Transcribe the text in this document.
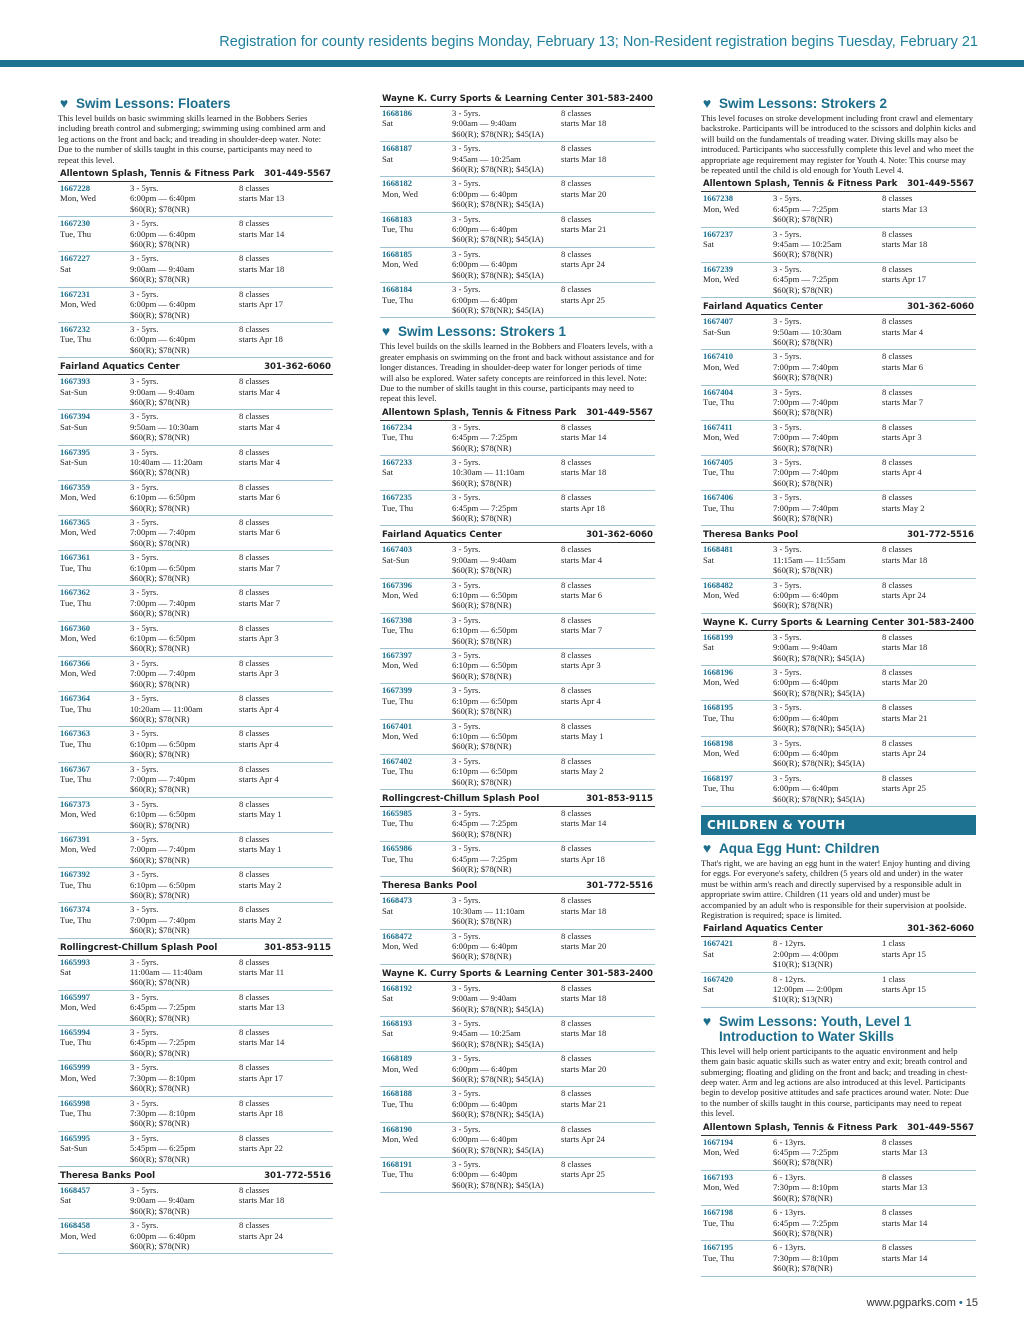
Registration for county residents begins Monday, February 13; Non-Resident registration begins Tuesday, February 21
♥ Swim Lessons: Floaters
This level builds on basic swimming skills learned in the Bobbers Series including breath control and submerging; swimming using combined arm and leg actions on the front and back; and treading in shoulder-deep water. Note: Due to the number of skills taught in this course, participants may need to repeat this level.
Allentown Splash, Tennis & Fitness Park 301-449-5567
1667228	3 - 5yrs.	8 classes
Mon, Wed	6:00pm — 6:40pm	starts Mar 13
$60(R); $78(NR)
1667230	3 - 5yrs.	8 classes
Tue, Thu	6:00pm — 6:40pm	starts Mar 14
$60(R); $78(NR)
1667227	3 - 5yrs.	8 classes
Sat	9:00am — 9:40am	starts Mar 18
$60(R); $78(NR)
1667231	3 - 5yrs.	8 classes
Mon, Wed	6:00pm — 6:40pm	starts Apr 17
$60(R); $78(NR)
1667232	3 - 5yrs.	8 classes
Tue, Thu	6:00pm — 6:40pm	starts Apr 18
$60(R); $78(NR)
Fairland Aquatics Center	301-362-6060
1667393	3 - 5yrs.	8 classes
Sat-Sun	9:00am — 9:40am	starts Mar 4
$60(R); $78(NR)
1667394	3 - 5yrs.	8 classes
Sat-Sun	9:50am — 10:30am	starts Mar 4
$60(R); $78(NR)
1667395	3 - 5yrs.	8 classes
Sat-Sun	10:40am — 11:20am	starts Mar 4
$60(R); $78(NR)
1667359	3 - 5yrs.	8 classes
Mon, Wed	6:10pm — 6:50pm	starts Mar 6
$60(R); $78(NR)
1667365	3 - 5yrs.	8 classes
Mon, Wed	7:00pm — 7:40pm	starts Mar 6
$60(R); $78(NR)
1667361	3 - 5yrs.	8 classes
Tue, Thu	6:10pm — 6:50pm	starts Mar 7
$60(R); $78(NR)
1667362	3 - 5yrs.	8 classes
Tue, Thu	7:00pm — 7:40pm	starts Mar 7
$60(R); $78(NR)
1667360	3 - 5yrs.	8 classes
Mon, Wed	6:10pm — 6:50pm	starts Apr 3
$60(R); $78(NR)
1667366	3 - 5yrs.	8 classes
Mon, Wed	7:00pm — 7:40pm	starts Apr 3
$60(R); $78(NR)
1667364	3 - 5yrs.	8 classes
Tue, Thu	10:20am — 11:00am	starts Apr 4
$60(R); $78(NR)
1667363	3 - 5yrs.	8 classes
Tue, Thu	6:10pm — 6:50pm	starts Apr 4
$60(R); $78(NR)
1667367	3 - 5yrs.	8 classes
Tue, Thu	7:00pm — 7:40pm	starts Apr 4
$60(R); $78(NR)
1667373	3 - 5yrs.	8 classes
Mon, Wed	6:10pm — 6:50pm	starts May 1
$60(R); $78(NR)
1667391	3 - 5yrs.	8 classes
Mon, Wed	7:00pm — 7:40pm	starts May 1
$60(R); $78(NR)
1667392	3 - 5yrs.	8 classes
Tue, Thu	6:10pm — 6:50pm	starts May 2
$60(R); $78(NR)
1667374	3 - 5yrs.	8 classes
Tue, Thu	7:00pm — 7:40pm	starts May 2
$60(R); $78(NR)
Rollingcrest-Chillum Splash Pool	301-853-9115
1665993	3 - 5yrs.	8 classes
Sat	11:00am — 11:40am	starts Mar 11
$60(R); $78(NR)
1665997	3 - 5yrs.	8 classes
Mon, Wed	6:45pm — 7:25pm	starts Mar 13
$60(R); $78(NR)
1665994	3 - 5yrs.	8 classes
Tue, Thu	6:45pm — 7:25pm	starts Mar 14
$60(R); $78(NR)
1665999	3 - 5yrs.	8 classes
Mon, Wed	7:30pm — 8:10pm	starts Apr 17
$60(R); $78(NR)
1665998	3 - 5yrs.	8 classes
Tue, Thu	7:30pm — 8:10pm	starts Apr 18
$60(R); $78(NR)
1665995	3 - 5yrs.	8 classes
Sat-Sun	5:45pm — 6:25pm	starts Apr 22
$60(R); $78(NR)
Theresa Banks Pool	301-772-5516
1668457	3 - 5yrs.	8 classes
Sat	9:00am — 9:40am	starts Mar 18
$60(R); $78(NR)
1668458	3 - 5yrs.	8 classes
Mon, Wed	6:00pm — 6:40pm	starts Apr 24
$60(R); $78(NR)
Wayne K. Curry Sports & Learning Center 301-583-2400
1668186	3 - 5yrs.	8 classes
Sat	9:00am — 9:40am	starts Mar 18
$60(R); $78(NR); $45(IA)
1668187	3 - 5yrs.	8 classes
Sat	9:45am — 10:25am	starts Mar 18
$60(R); $78(NR); $45(IA)
1668182	3 - 5yrs.	8 classes
Mon, Wed	6:00pm — 6:40pm	starts Mar 20
$60(R); $78(NR); $45(IA)
1668183	3 - 5yrs.	8 classes
Tue, Thu	6:00pm — 6:40pm	starts Mar 21
$60(R); $78(NR); $45(IA)
1668185	3 - 5yrs.	8 classes
Mon, Wed	6:00pm — 6:40pm	starts Apr 24
$60(R); $78(NR); $45(IA)
1668184	3 - 5yrs.	8 classes
Tue, Thu	6:00pm — 6:40pm	starts Apr 25
$60(R); $78(NR); $45(IA)
♥ Swim Lessons: Strokers 1
This level builds on the skills learned in the Bobbers and Floaters levels, with a greater emphasis on swimming on the front and back without assistance and for longer distances. Treading in shoulder-deep water for longer periods of time will also be explored. Water safety concepts are reinforced in this level. Note: Due to the number of skills taught in this course, participants may need to repeat this level.
Allentown Splash, Tennis & Fitness Park 301-449-5567
1667234	3 - 5yrs.	8 classes
Tue, Thu	6:45pm — 7:25pm	starts Mar 14
$60(R); $78(NR)
1667233	3 - 5yrs.	8 classes
Sat	10:30am — 11:10am	starts Mar 18
$60(R); $78(NR)
1667235	3 - 5yrs.	8 classes
Tue, Thu	6:45pm — 7:25pm	starts Apr 18
$60(R); $78(NR)
Fairland Aquatics Center	301-362-6060
1667403	3 - 5yrs.	8 classes
Sat-Sun	9:00am — 9:40am	starts Mar 4
$60(R); $78(NR)
1667396	3 - 5yrs.	8 classes
Mon, Wed	6:10pm — 6:50pm	starts Mar 6
$60(R); $78(NR)
1667398	3 - 5yrs.	8 classes
Tue, Thu	6:10pm — 6:50pm	starts Mar 7
$60(R); $78(NR)
1667397	3 - 5yrs.	8 classes
Mon, Wed	6:10pm — 6:50pm	starts Apr 3
$60(R); $78(NR)
1667399	3 - 5yrs.	8 classes
Tue, Thu	6:10pm — 6:50pm	starts Apr 4
$60(R); $78(NR)
1667401	3 - 5yrs.	8 classes
Mon, Wed	6:10pm — 6:50pm	starts May 1
$60(R); $78(NR)
1667402	3 - 5yrs.	8 classes
Tue, Thu	6:10pm — 6:50pm	starts May 2
$60(R); $78(NR)
Rollingcrest-Chillum Splash Pool	301-853-9115
1665985	3 - 5yrs.	8 classes
Tue, Thu	6:45pm — 7:25pm	starts Mar 14
$60(R); $78(NR)
1665986	3 - 5yrs.	8 classes
Tue, Thu	6:45pm — 7:25pm	starts Apr 18
$60(R); $78(NR)
Theresa Banks Pool	301-772-5516
1668473	3 - 5yrs.	8 classes
Sat	10:30am — 11:10am	starts Mar 18
$60(R); $78(NR)
1668472	3 - 5yrs.	8 classes
Mon, Wed	6:00pm — 6:40pm	starts Mar 20
$60(R); $78(NR)
Wayne K. Curry Sports & Learning Center 301-583-2400
1668192	3 - 5yrs.	8 classes
Sat	9:00am — 9:40am	starts Mar 18
$60(R); $78(NR); $45(IA)
1668193	3 - 5yrs.	8 classes
Sat	9:45am — 10:25am	starts Mar 18
$60(R); $78(NR); $45(IA)
1668189	3 - 5yrs.	8 classes
Mon, Wed	6:00pm — 6:40pm	starts Mar 20
$60(R); $78(NR); $45(IA)
1668188	3 - 5yrs.	8 classes
Tue, Thu	6:00pm — 6:40pm	starts Mar 21
$60(R); $78(NR); $45(IA)
1668190	3 - 5yrs.	8 classes
Mon, Wed	6:00pm — 6:40pm	starts Apr 24
$60(R); $78(NR); $45(IA)
1668191	3 - 5yrs.	8 classes
Tue, Thu	6:00pm — 6:40pm	starts Apr 25
$60(R); $78(NR); $45(IA)
♥ Swim Lessons: Strokers 2
This level focuses on stroke development including front crawl and elementary backstroke. Participants will be introduced to the scissors and dolphin kicks and will build on the fundamentals of treading water. Diving skills may also be introduced. Participants who successfully complete this level and who meet the appropriate age requirement may register for Youth 4. Note: This course may be repeated until the child is old enough for Youth Level 4.
Allentown Splash, Tennis & Fitness Park 301-449-5567
1667238	3 - 5yrs.	8 classes
Mon, Wed	6:45pm — 7:25pm	starts Mar 13
$60(R); $78(NR)
1667237	3 - 5yrs.	8 classes
Sat	9:45am — 10:25am	starts Mar 18
$60(R); $78(NR)
1667239	3 - 5yrs.	8 classes
Mon, Wed	6:45pm — 7:25pm	starts Apr 17
$60(R); $78(NR)
Fairland Aquatics Center	301-362-6060
1667407	3 - 5yrs.	8 classes
Sat-Sun	9:50am — 10:30am	starts Mar 4
$60(R); $78(NR)
1667410	3 - 5yrs.	8 classes
Mon, Wed	7:00pm — 7:40pm	starts Mar 6
$60(R); $78(NR)
1667404	3 - 5yrs.	8 classes
Tue, Thu	7:00pm — 7:40pm	starts Mar 7
$60(R); $78(NR)
1667411	3 - 5yrs.	8 classes
Mon, Wed	7:00pm — 7:40pm	starts Apr 3
$60(R); $78(NR)
1667405	3 - 5yrs.	8 classes
Tue, Thu	7:00pm — 7:40pm	starts Apr 4
$60(R); $78(NR)
1667406	3 - 5yrs.	8 classes
Tue, Thu	7:00pm — 7:40pm	starts May 2
$60(R); $78(NR)
Theresa Banks Pool	301-772-5516
1668481	3 - 5yrs.	8 classes
Sat	11:15am — 11:55am	starts Mar 18
$60(R); $78(NR)
1668482	3 - 5yrs.	8 classes
Mon, Wed	6:00pm — 6:40pm	starts Apr 24
$60(R); $78(NR)
Wayne K. Curry Sports & Learning Center 301-583-2400
1668199	3 - 5yrs.	8 classes
Sat	9:00am — 9:40am	starts Mar 18
$60(R); $78(NR); $45(IA)
1668196	3 - 5yrs.	8 classes
Mon, Wed	6:00pm — 6:40pm	starts Mar 20
$60(R); $78(NR); $45(IA)
1668195	3 - 5yrs.	8 classes
Tue, Thu	6:00pm — 6:40pm	starts Mar 21
$60(R); $78(NR); $45(IA)
1668198	3 - 5yrs.	8 classes
Mon, Wed	6:00pm — 6:40pm	starts Apr 24
$60(R); $78(NR); $45(IA)
1668197	3 - 5yrs.	8 classes
Tue, Thu	6:00pm — 6:40pm	starts Apr 25
$60(R); $78(NR); $45(IA)
CHILDREN & YOUTH
♥ Aqua Egg Hunt: Children
That's right, we are having an egg hunt in the water! Enjoy hunting and diving for eggs. For everyone's safety, children (5 years old and under) in the water must be within arm's reach and directly supervised by a responsible adult in appropriate swim attire. Children (11 years old and under) must be accompanied by an adult who is responsible for their supervision at poolside. Registration is required; space is limited.
Fairland Aquatics Center	301-362-6060
1667421	8 - 12yrs.	1 class
Sat	2:00pm — 4:00pm	starts Apr 15
$10(R); $13(NR)
1667420	8 - 12yrs.	1 class
Sat	12:00pm — 2:00pm	starts Apr 15
$10(R); $13(NR)
♥ Swim Lessons: Youth, Level 1 Introduction to Water Skills
This level will help orient participants to the aquatic environment and help them gain basic aquatic skills such as water entry and exit; breath control and submerging; floating and gliding on the front and back; and treading in chest-deep water. Arm and leg actions are also introduced at this level. Participants begin to develop positive attitudes and safe practices around water. Note: Due to the number of skills taught in this course, participants may need to repeat this level.
Allentown Splash, Tennis & Fitness Park 301-449-5567
1667194	6 - 13yrs.	8 classes
Mon, Wed	6:45pm — 7:25pm	starts Mar 13
$60(R); $78(NR)
1667193	6 - 13yrs.	8 classes
Mon, Wed	7:30pm — 8:10pm	starts Mar 13
$60(R); $78(NR)
1667198	6 - 13yrs.	8 classes
Tue, Thu	6:45pm — 7:25pm	starts Mar 14
$60(R); $78(NR)
1667195	6 - 13yrs.	8 classes
Tue, Thu	7:30pm — 8:10pm	starts Mar 14
$60(R); $78(NR)
www.pgparks.com • 15
